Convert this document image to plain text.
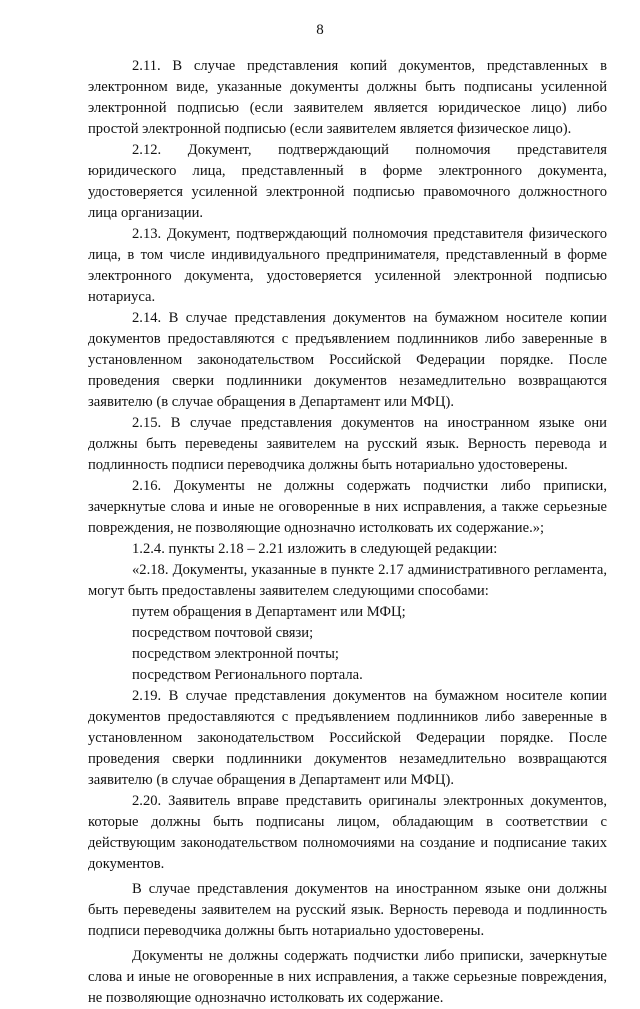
8

2.11. В случае представления копий документов, представленных в электронном виде, указанные документы должны быть подписаны усиленной электронной подписью (если заявителем является юридическое лицо) либо простой электронной подписью (если заявителем является физическое лицо).

2.12. Документ, подтверждающий полномочия представителя юридического лица, представленный в форме электронного документа, удостоверяется усиленной электронной подписью правомочного должностного лица организации.

2.13. Документ, подтверждающий полномочия представителя физического лица, в том числе индивидуального предпринимателя, представленный в форме электронного документа, удостоверяется усиленной электронной подписью нотариуса.

2.14. В случае представления документов на бумажном носителе копии документов предоставляются с предъявлением подлинников либо заверенные в установленном законодательством Российской Федерации порядке. После проведения сверки подлинники документов незамедлительно возвращаются заявителю (в случае обращения в Департамент или МФЦ).

2.15. В случае представления документов на иностранном языке они должны быть переведены заявителем на русский язык. Верность перевода и подлинность подписи переводчика должны быть нотариально удостоверены.

2.16. Документы не должны содержать подчистки либо приписки, зачеркнутые слова и иные не оговоренные в них исправления, а также серьезные повреждения, не позволяющие однозначно истолковать их содержание.»;

1.2.4. пункты 2.18 – 2.21 изложить в следующей редакции:

«2.18. Документы, указанные в пункте 2.17 административного регламента, могут быть предоставлены заявителем следующими способами:

путем обращения в Департамент или МФЦ;

посредством почтовой связи;

посредством электронной почты;

посредством Регионального портала.

2.19. В случае представления документов на бумажном носителе копии документов предоставляются с предъявлением подлинников либо заверенные в установленном законодательством Российской Федерации порядке. После проведения сверки подлинники документов незамедлительно возвращаются заявителю (в случае обращения в Департамент или МФЦ).

2.20. Заявитель вправе представить оригиналы электронных документов, которые должны быть подписаны лицом, обладающим в соответствии с действующим законодательством полномочиями на создание и подписание таких документов.

В случае представления документов на иностранном языке они должны быть переведены заявителем на русский язык. Верность перевода и подлинность подписи переводчика должны быть нотариально удостоверены.

Документы не должны содержать подчистки либо приписки, зачеркнутые слова и иные не оговоренные в них исправления, а также серьезные повреждения, не позволяющие однозначно истолковать их содержание.
